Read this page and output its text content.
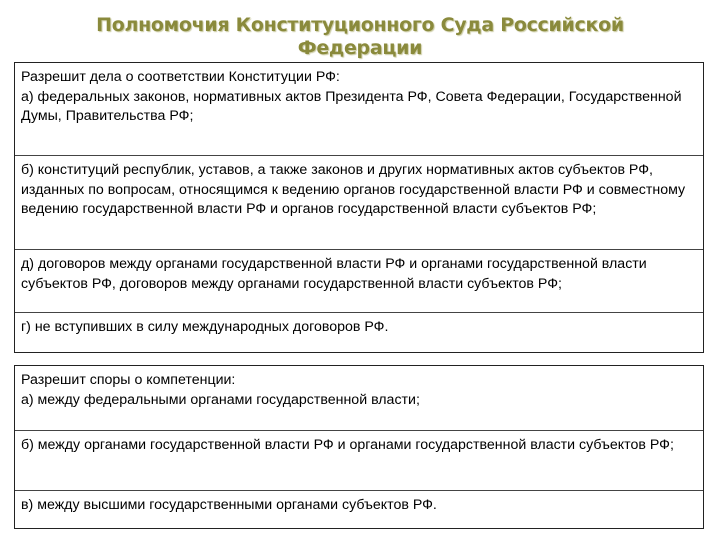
Полномочия Конституционного Суда Российской
Федерации

Разрешит дела о соответствии Конституции РФ:

а) федеральных законов, нормативных актов Президента РФ, Совета Федерации, Государственной Думы, Правительства РФ;

б) конституций республик, уставов, а также законов и других нормативных актов субъектов РФ, изданных по вопросам, относящимся к ведению органов государственной власти РФ и совместному ведению государственной власти РФ и органов государственной власти субъектов РФ;

д) договоров между органами государственной власти РФ и органами государственной власти субъектов РФ, договоров между органами государственной власти субъектов РФ;

г) не вступивших в силу международных договоров РФ.

Разрешит споры о компетенции:

а) между федеральными органами государственной власти;

б) между органами государственной власти РФ и органами государственной власти субъектов РФ;

в) между высшими государственными органами субъектов РФ.
